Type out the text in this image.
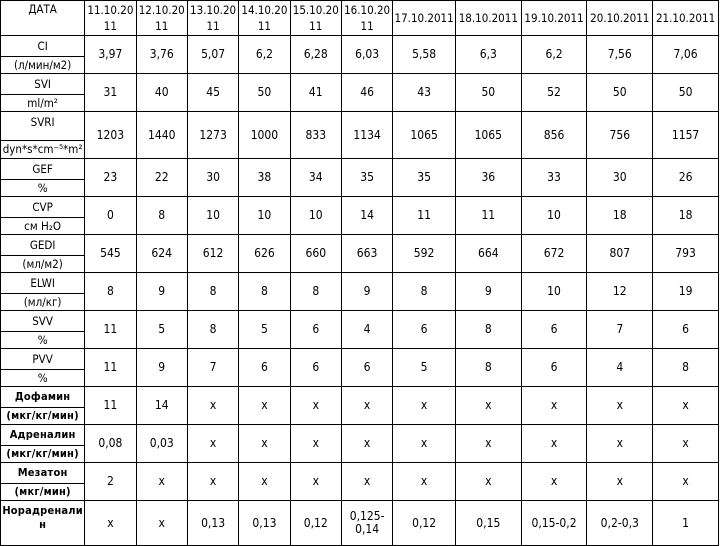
ДАТА	11.10.2011	12.10.2011	13.10.2011	14.10.2011	15.10.2011	16.10.2011	17.10.2011	18.10.2011	19.10.2011	20.10.2011	21.10.2011

CI
(л/мин/м2)	3,97	3,76	5,07	6,2	6,28	6,03	5,58	6,3	6,2	7,56	7,06

SVI
ml/m²	31	40	45	50	41	46	43	50	52	50	50

SVRI
dyn*s*cm⁻⁵*m²	1203	1440	1273	1000	833	1134	1065	1065	856	756	1157

GEF
%	23	22	30	38	34	35	35	36	33	30	26

CVP
см H₂O	0	8	10	10	10	14	11	11	10	18	18

GEDI
(мл/м2)	545	624	612	626	660	663	592	664	672	807	793

ELWI
(мл/кг)	8	9	8	8	8	9	8	9	10	12	19

SVV
%	11	5	8	5	6	4	6	8	6	7	6

PVV
%	11	9	7	6	6	6	5	8	6	4	8

Дофамин
(мкг/кг/мин)	11	14	x	x	x	x	x	x	x	x	x

Адреналин
(мкг/кг/мин)	0,08	0,03	x	x	x	x	x	x	x	x	x

Мезатон
(мкг/мин)	2	x	x	x	x	x	x	x	x	x	x

Норадреналин	x	x	0,13	0,13	0,12	0,125-0,14	0,12	0,15	0,15-0,2	0,2-0,3	1
